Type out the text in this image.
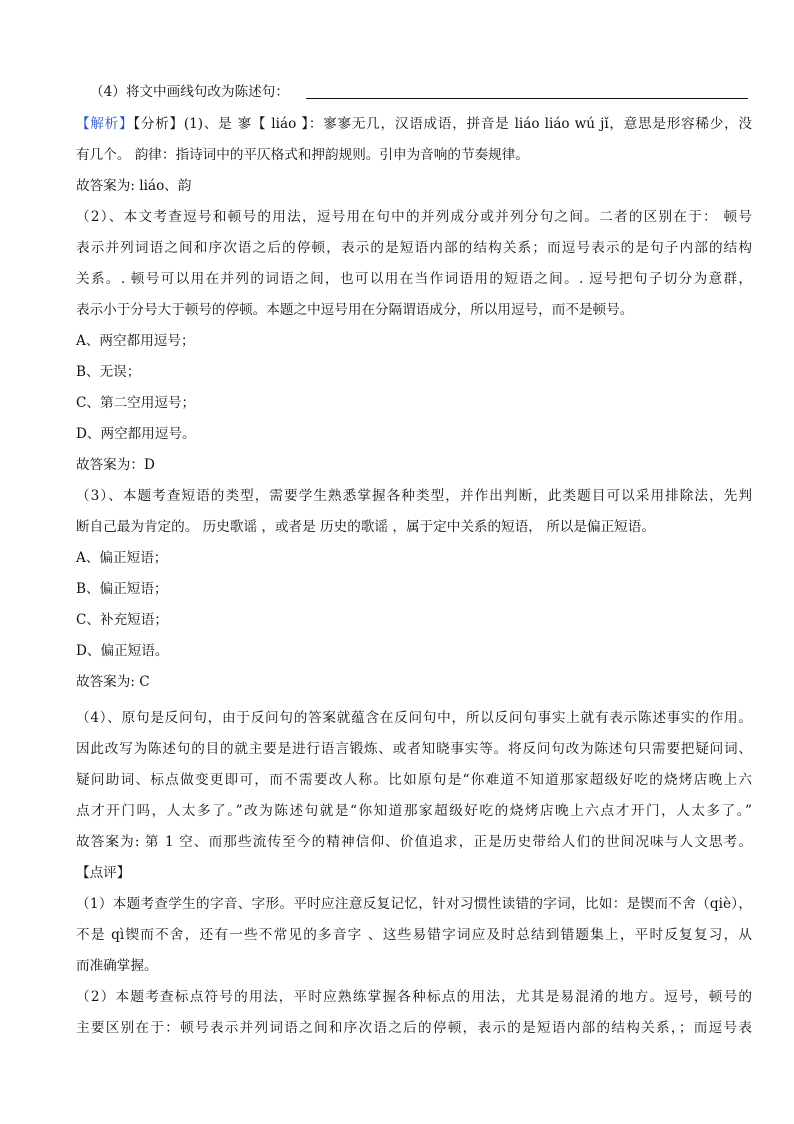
（4）将文中画线句改为陈述句：
【解析】【分析】(1)、是 寥【 liáo 】：寥寥无几，汉语成语，拼音是 liáo liáo wú jǐ，意思是形容稀少，没
有几个。 韵律：指诗词中的平仄格式和押韵规则。引申为音响的节奏规律。
故答案为: liáo、韵
（2）、本文考查逗号和顿号的用法，逗号用在句中的并列成分或并列分句之间。二者的区别在于： 顿号
表示并列词语之间和序次语之后的停顿，表示的是短语内部的结构关系；而逗号表示的是句子内部的结构
关系。. 顿号可以用在并列的词语之间，也可以用在当作词语用的短语之间。. 逗号把句子切分为意群，
表示小于分号大于顿号的停顿。本题之中逗号用在分隔谓语成分，所以用逗号，而不是顿号。
A、两空都用逗号；
B、无误；
C、第二空用逗号；
D、两空都用逗号。
故答案为：D
（3）、本题考查短语的类型，需要学生熟悉掌握各种类型，并作出判断，此类题目可以采用排除法，先判
断自己最为肯定的。 历史歌谣 ，或者是 历史的歌谣 ，属于定中关系的短语， 所以是偏正短语。
A、偏正短语；
B、偏正短语；
C、补充短语；
D、偏正短语。
故答案为: C
（4）、原句是反问句，由于反问句的答案就蕴含在反问句中，所以反问句事实上就有表示陈述事实的作用。
因此改写为陈述句的目的就主要是进行语言锻炼、或者知晓事实等。将反问句改为陈述句只需要把疑问词、
疑问助词、标点做变更即可，而不需要改人称。比如原句是“你难道不知道那家超级好吃的烧烤店晚上六
点才开门吗，人太多了。”改为陈述句就是“你知道那家超级好吃的烧烤店晚上六点才开门，人太多了。”
故答案为: 第 1 空、而那些流传至今的精神信仰、价值追求，正是历史带给人们的世间况味与人文思考。
【点评】
（1）本题考查学生的字音、字形。平时应注意反复记忆，针对习惯性读错的字词，比如：是锲而不舍（qiè），
不是 qì锲而不舍，还有一些不常见的多音字 、这些易错字词应及时总结到错题集上，平时反复复习，从
而准确掌握。
（2）本题考查标点符号的用法，平时应熟练掌握各种标点的用法，尤其是易混淆的地方。逗号，顿号的
主要区别在于：顿号表示并列词语之间和序次语之后的停顿，表示的是短语内部的结构关系，；而逗号表
